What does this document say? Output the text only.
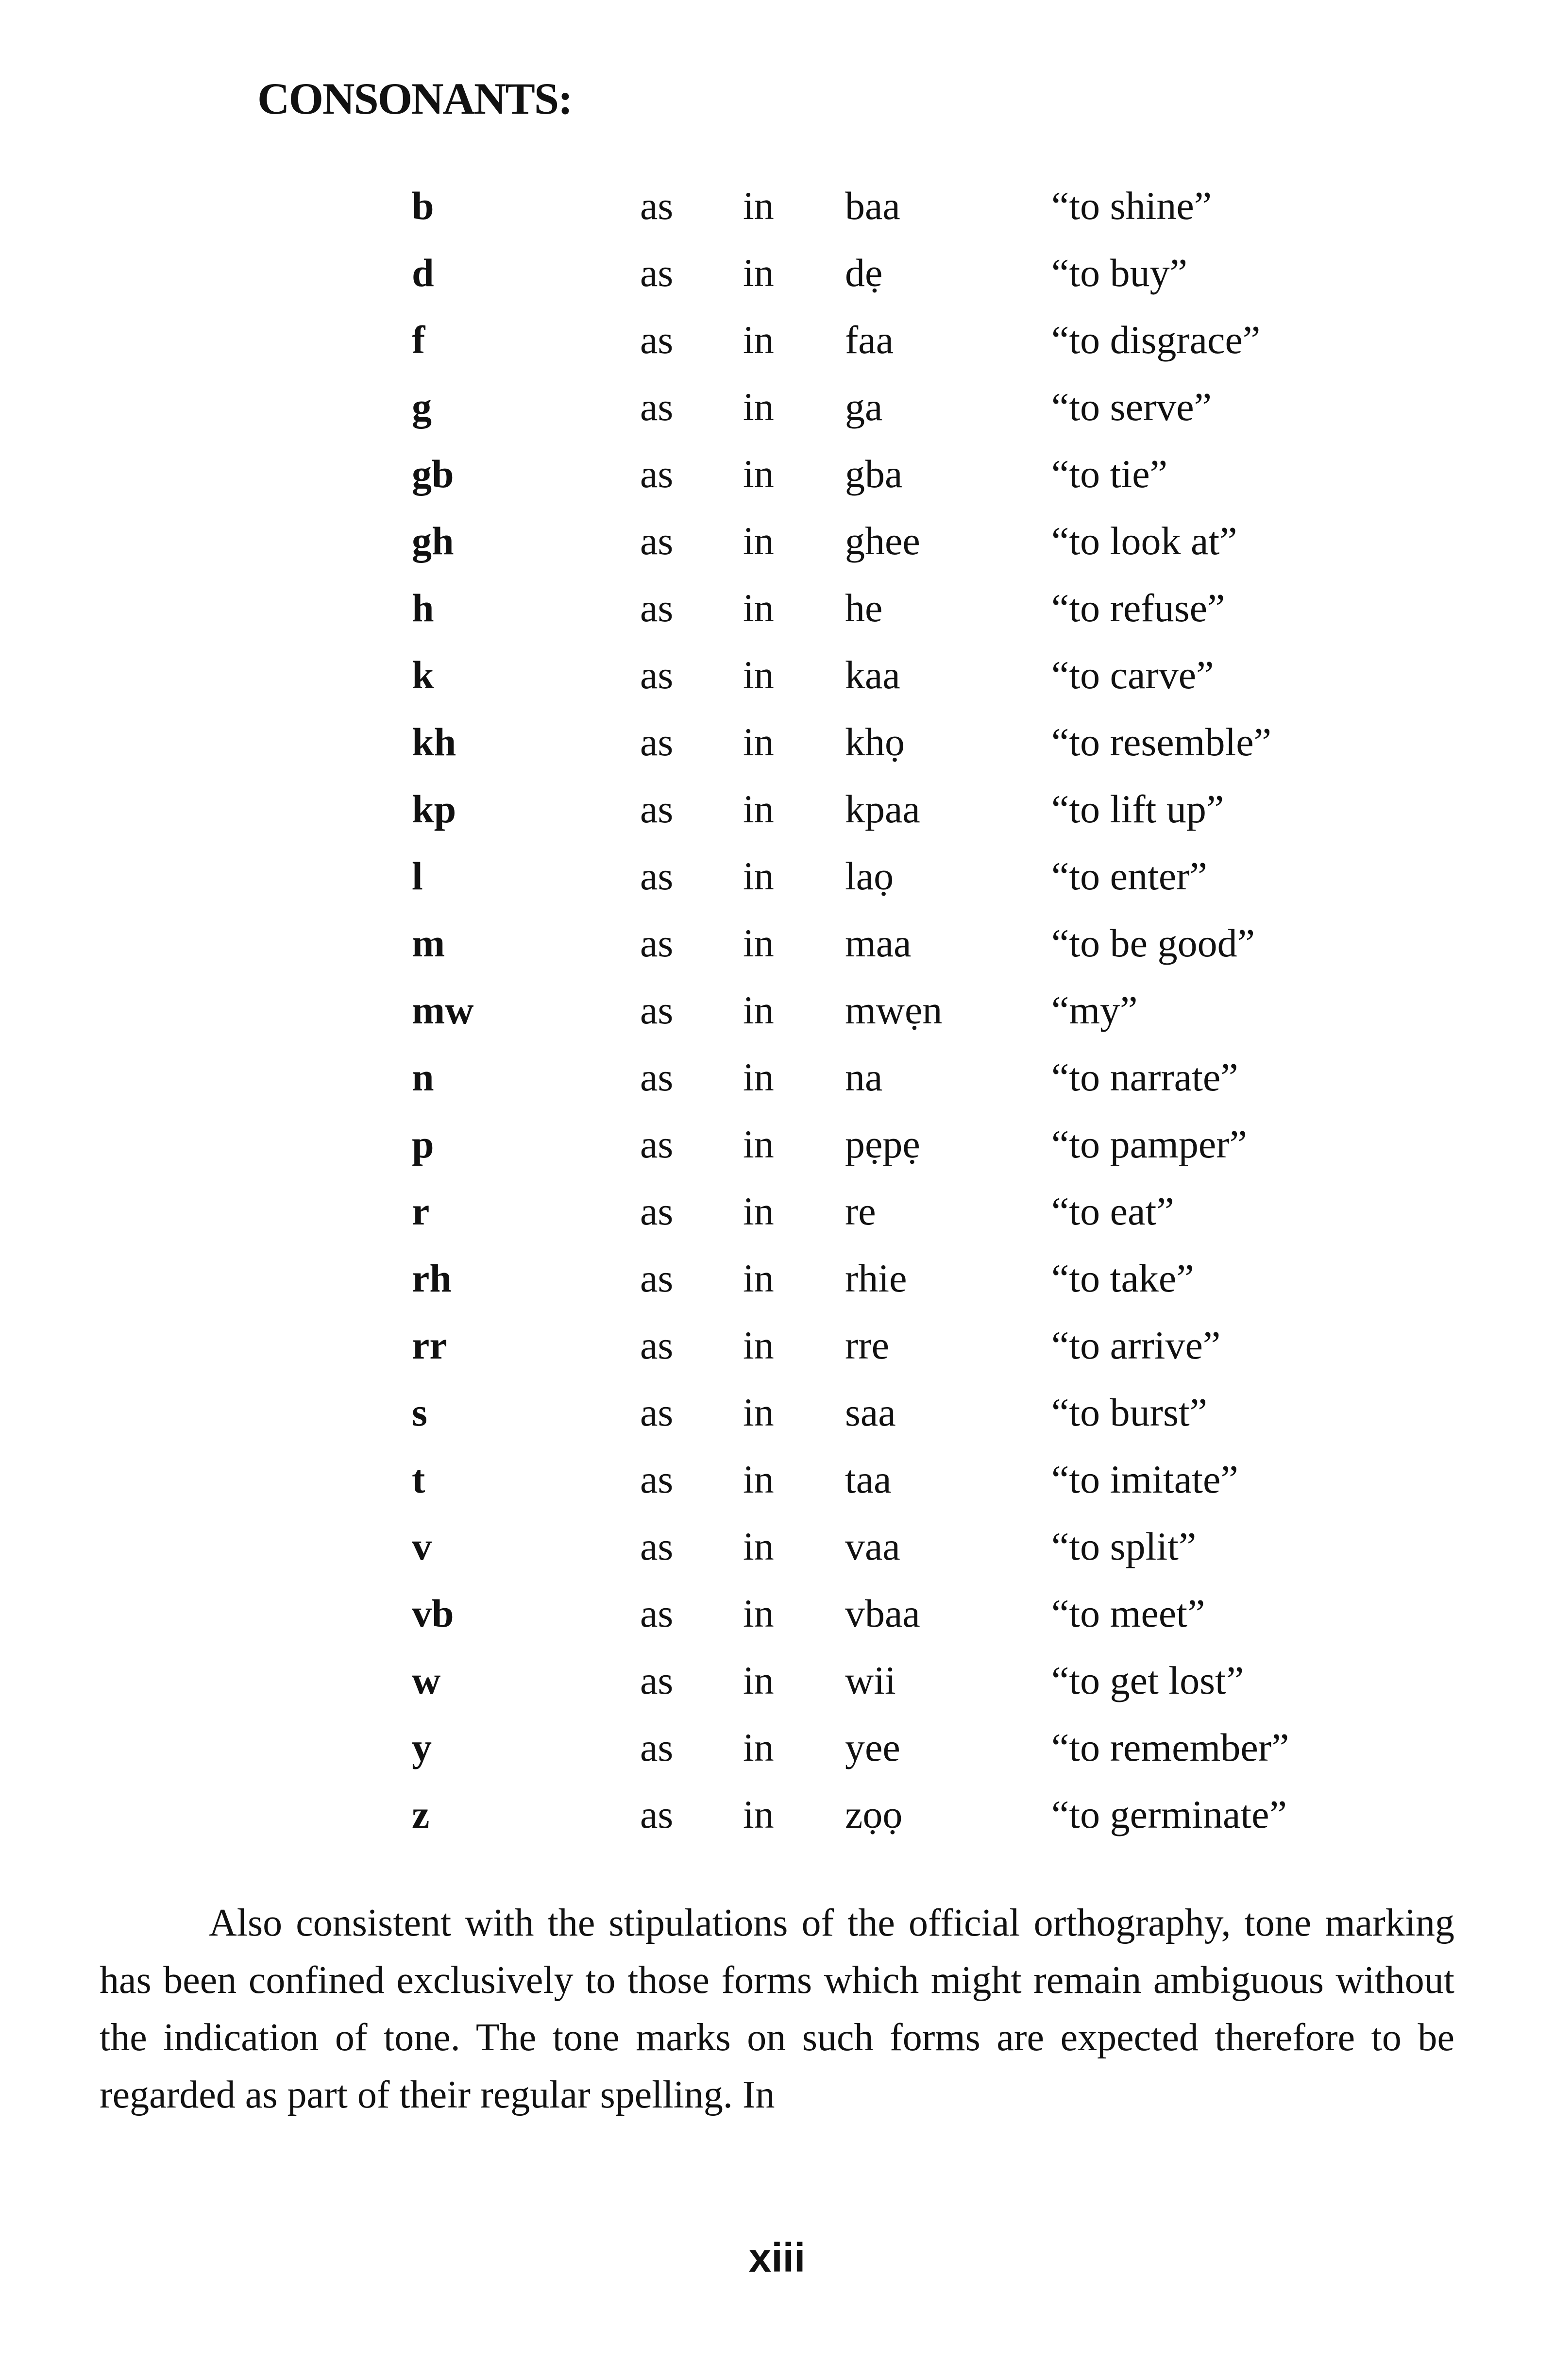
CONSONANTS:
b	as in baa	“to shine”
d	as in dẹ	“to buy”
f	as in faa	“to disgrace”
g	as in ga	“to serve”
gb	as in gba	“to tie”
gh	as in ghee	“to look at”
h	as in he	“to refuse”
k	as in kaa	“to carve”
kh	as in khọ	“to resemble”
kp	as in kpaa	“to lift up”
l	as in laọ	“to enter”
m	as in maa	“to be good”
mw	as in mwẹn	“my”
n	as in na	“to narrate”
p	as in pẹpẹ	“to pamper”
r	as in re	“to eat”
rh	as in rhie	“to take”
rr	as in rre	“to arrive”
s	as in saa	“to burst”
t	as in taa	“to imitate”
v	as in vaa	“to split”
vb	as in vbaa	“to meet”
w	as in wii	“to get lost”
y	as in yee	“to remember”
z	as in zọọ	“to germinate”

Also consistent with the stipulations of the official orthography, tone marking has been confined exclusively to those forms which might remain ambiguous without the indication of tone. The tone marks on such forms are expected therefore to be regarded as part of their regular spelling. In

xiii
